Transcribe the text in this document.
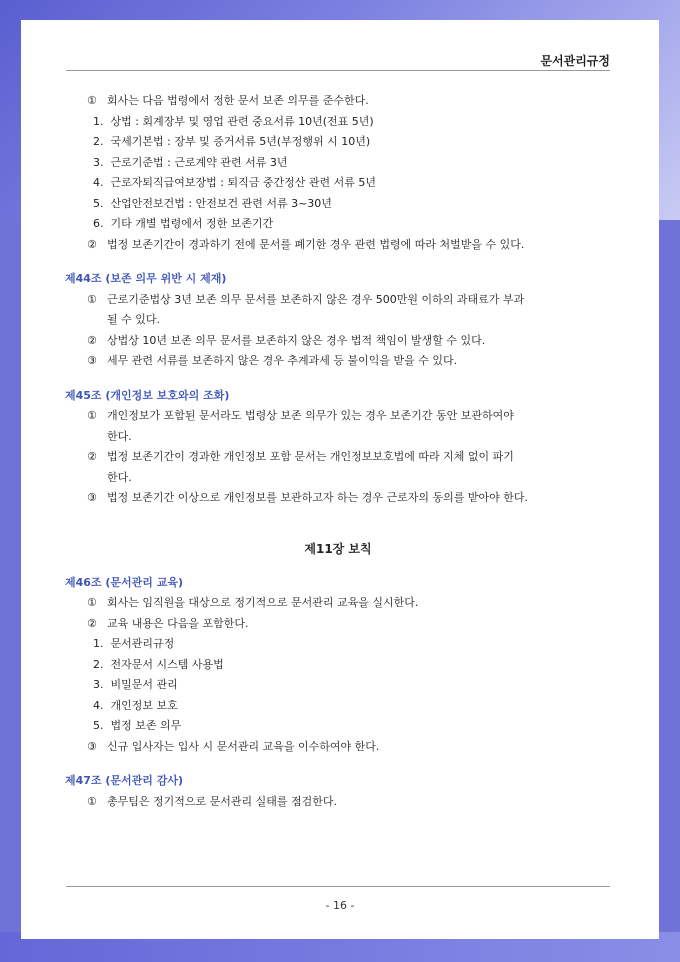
문서관리규정
① 회사는 다음 법령에서 정한 문서 보존 의무를 준수한다.
1. 상법 : 회계장부 및 영업 관련 중요서류 10년(전표 5년)
2. 국세기본법 : 장부 및 증거서류 5년(부정행위 시 10년)
3. 근로기준법 : 근로계약 관련 서류 3년
4. 근로자퇴직급여보장법 : 퇴직금 중간정산 관련 서류 5년
5. 산업안전보건법 : 안전보건 관련 서류 3~30년
6. 기타 개별 법령에서 정한 보존기간
② 법정 보존기간이 경과하기 전에 문서를 폐기한 경우 관련 법령에 따라 처벌받을 수 있다.
제44조 (보존 의무 위반 시 제재)
① 근로기준법상 3년 보존 의무 문서를 보존하지 않은 경우 500만원 이하의 과태료가 부과
될 수 있다.
② 상법상 10년 보존 의무 문서를 보존하지 않은 경우 법적 책임이 발생할 수 있다.
③ 세무 관련 서류를 보존하지 않은 경우 추계과세 등 불이익을 받을 수 있다.
제45조 (개인정보 보호와의 조화)
① 개인정보가 포함된 문서라도 법령상 보존 의무가 있는 경우 보존기간 동안 보관하여야
한다.
② 법정 보존기간이 경과한 개인정보 포함 문서는 개인정보보호법에 따라 지체 없이 파기
한다.
③ 법정 보존기간 이상으로 개인정보를 보관하고자 하는 경우 근로자의 동의를 받아야 한다.
제11장 보칙
제46조 (문서관리 교육)
① 회사는 임직원을 대상으로 정기적으로 문서관리 교육을 실시한다.
② 교육 내용은 다음을 포함한다.
1. 문서관리규정
2. 전자문서 시스템 사용법
3. 비밀문서 관리
4. 개인정보 보호
5. 법정 보존 의무
③ 신규 입사자는 입사 시 문서관리 교육을 이수하여야 한다.
제47조 (문서관리 감사)
① 총무팀은 정기적으로 문서관리 실태를 점검한다.
- 16 -
